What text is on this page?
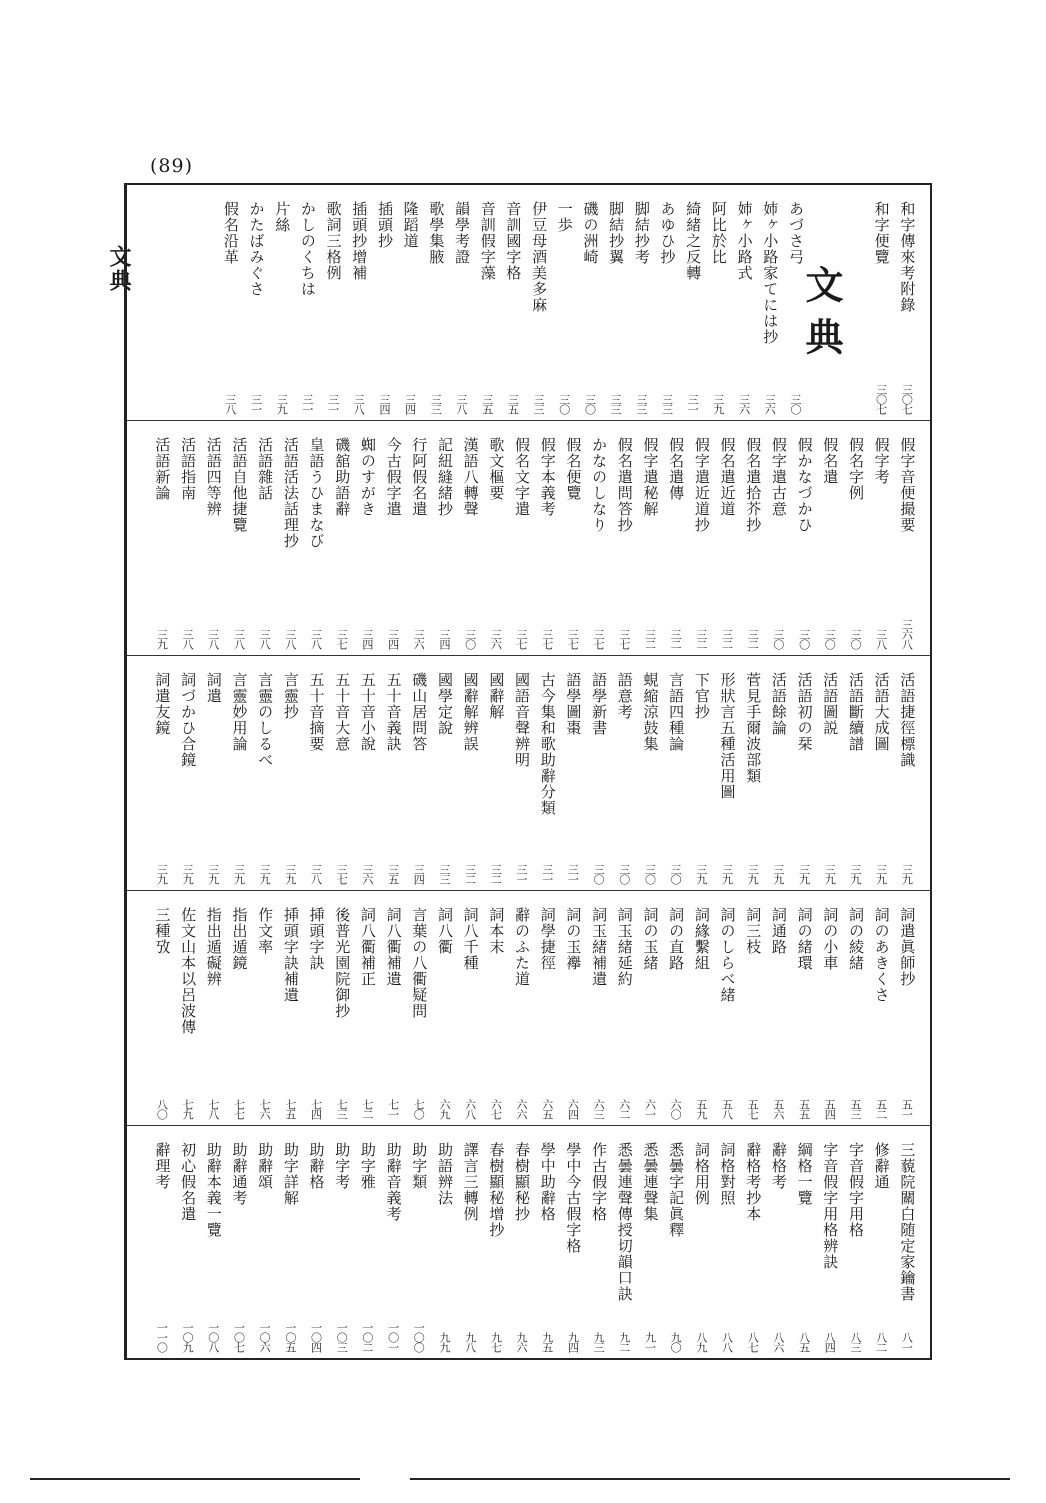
(89)
文典	和字傳來考附錄
三〇七
和字便覽
三〇七
あづさ弓
三〇
姉ヶ小路家てには抄
三六
姉ヶ小路式
三六
阿比於比
三九
綺緒之反轉
三一
あゆひ抄
三三
脚結抄考
三三
脚結抄翼
三三
磯の洲崎
三〇
一歩
三〇
伊豆母酒美多麻
三三
音訓國字格
三五
音訓假字藻
三五
韻學考證
三八
歌學集腋
三三
隆蹈道
三四
插頭抄
三四
插頭抄增補
三八
歌詞三格例
三一
かしのくちは
三一
片絲
三九
かたばみぐさ
三一
假名沿革
三八
假字音便撮要
三六八
假字考
三八
假名字例
三〇
假名遣
三〇
假かなづかひ
三〇
假字遣古意
三〇
假名遣拾芥抄
三二
假名遣近道
三二
假字遣近道抄
三二
假名遣傳
三二
假字遣秘解
三二
假名遣問答抄
三七
かなのしなり
三七
假名便覽
三七
假字本義考
三七
假名文字遣
三七
歌文樞要
三六
漢語八轉聲
三〇
記紐縫緒抄
三四
行阿假名遣
三六
今古假字遣
三四
蜘のすがき
三四
磯舘助語辭
三七
皇語うひまなび
三八
活語活法話理抄
三八
活語雜話
三八
活語自他捷覽
三八
活語四等辨
三八
活語指南
三八
活語新論
三九
活語捷徑標識
三九
活語大成圖
三九
活語斷續譜
三九
活語圖説
三九
活語初の栞
三九
活語餘論
三九
菅見手爾波部類
三九
形狀言五種活用圖
三九
下官抄
三九
言語四種論
三〇
蜆縮涼鼓集
三〇
語意考
三〇
語學新書
三〇
語學圖棗
三一
古今集和歌助辭分類
三一
國語音聲辨明
三一
國辭解
三二
國辭解辨誤
三二
國學定說
三三
磯山居問答
三四
五十音義訣
三五
五十音小說
三六
五十音大意
三七
五十音摘要
三八
言靈抄
三九
言靈のしるべ
三九
言靈妙用論
三九
詞遣
三九
詞づかひ合鏡
三九
詞遣友鏡
三九
詞遣眞師抄
五一
詞のあきくさ
五二
詞の綾緒
五三
詞の小車
五四
詞の緒環
五五
詞通路
五六
詞三枝
五七
詞のしらべ緒
五八
詞緣繫組
五九
詞の直路
六〇
詞の玉緒
六一
詞玉緒延約
六二
詞玉緒補遺
六三
詞の玉襷
六四
詞學捷徑
六五
辭のふた道
六六
詞本末
六七
詞八千種
六八
詞八衢
六九
言葉の八衢疑問
七〇
詞八衢補遺
七一
詞八衢補正
七二
後普光園院御抄
七三
挿頭字訣
七四
挿頭字訣補遺
七五
作文率
七六
指出遁鏡
七七
指出遁礙辨
七八
佐文山本以呂波傳
七九
三種攷
八〇
三藐院關白随定家鑰書
八一
修辭通
八二
字音假字用格
八三
字音假字用格辨訣
八四
綱格一覽
八五
辭格考
八六
辭格考抄本
八七
詞格對照
八八
詞格用例
八九
悉曇字記眞釋
九〇
悉曇連聲集
九一
悉曇連聲傳授切韻口訣
九二
作古假字格
九三
學中今古假字格
九四
學中助辭格
九五
春樹顯秘抄
九六
春樹顯秘增抄
九七
譯言三轉例
九八
助語辨法
九九
助字類
一〇〇
助辭音義考
一〇一
助字雅
一〇二
助字考
一〇三
助辭格
一〇四
助字詳解
一〇五
助辭頌
一〇六
助辭通考
一〇七
助辭本義一覽
一〇八
初心假名遣
一〇九
辭理考
一一〇
文典
